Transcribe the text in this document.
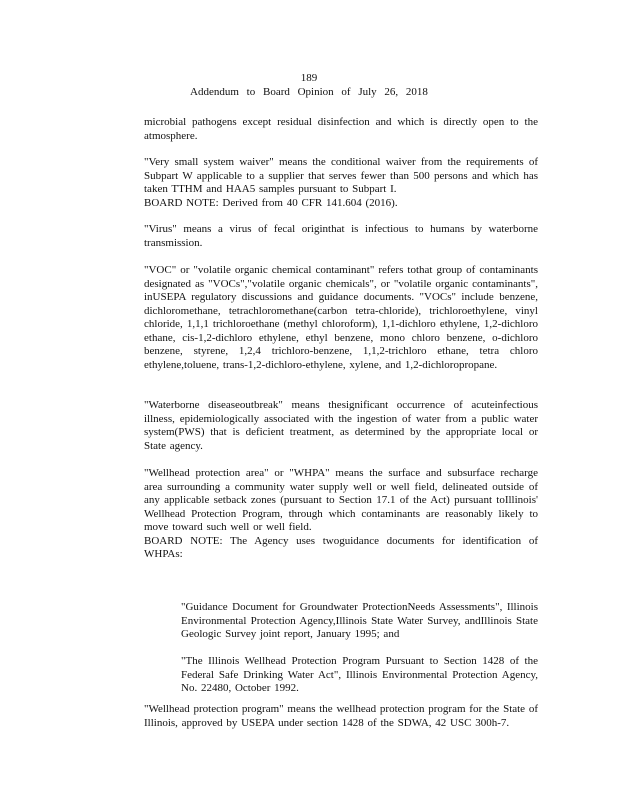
189
Addendum to Board Opinion of July 26, 2018

microbial pathogens except residual disinfection and which is directly open to the atmosphere.

"Very small system waiver" means the conditional waiver from the requirements of Subpart W applicable to a supplier that serves fewer than 500 persons and which has taken TTHM and HAA5 samples pursuant to Subpart I.

BOARD NOTE: Derived from 40 CFR 141.604 (2016).

"Virus" means a virus of fecal originthat is infectious to humans by waterborne transmission.

"VOC" or "volatile organic chemical contaminant" refers tothat group of contaminants designated as "VOCs","volatile organic chemicals", or "volatile organic contaminants", inUSEPA regulatory discussions and guidance documents. "VOCs" include benzene, dichloromethane, tetrachloromethane(carbon tetra-chloride), trichloroethylene, vinyl chloride, 1,1,1 trichloroethane (methyl chloroform), 1,1-dichloro ethylene, 1,2-dichloro ethane, cis-1,2-dichloro ethylene, ethyl benzene, mono chloro benzene, o-dichloro benzene, styrene, 1,2,4 trichloro-benzene, 1,1,2-trichloro ethane, tetra chloro ethylene,toluene, trans-1,2-dichloro-ethylene, xylene, and 1,2-dichloropropane.

"Waterborne diseaseoutbreak" means thesignificant occurrence of acuteinfectious illness, epidemiologically associated with the ingestion of water from a public water system(PWS) that is deficient treatment, as determined by the appropriate local or State agency.

"Wellhead protection area" or "WHPA" means the surface and subsurface recharge area surrounding a community water supply well or well field, delineated outside of any applicable setback zones (pursuant to Section 17.1 of the Act) pursuant toIllinois' Wellhead Protection Program, through which contaminants are reasonably likely to move toward such well or well field.

BOARD NOTE: The Agency uses twoguidance documents for identification of WHPAs:

"Guidance Document for Groundwater ProtectionNeeds Assessments", Illinois Environmental Protection Agency,Illinois State Water Survey, andIllinois State Geologic Survey joint report, January 1995; and

"The Illinois Wellhead Protection Program Pursuant to Section 1428 of the Federal Safe Drinking Water Act", Illinois Environmental Protection Agency, No. 22480, October 1992.

"Wellhead protection program" means the wellhead protection program for the State of Illinois, approved by USEPA under section 1428 of the SDWA, 42 USC 300h-7.
